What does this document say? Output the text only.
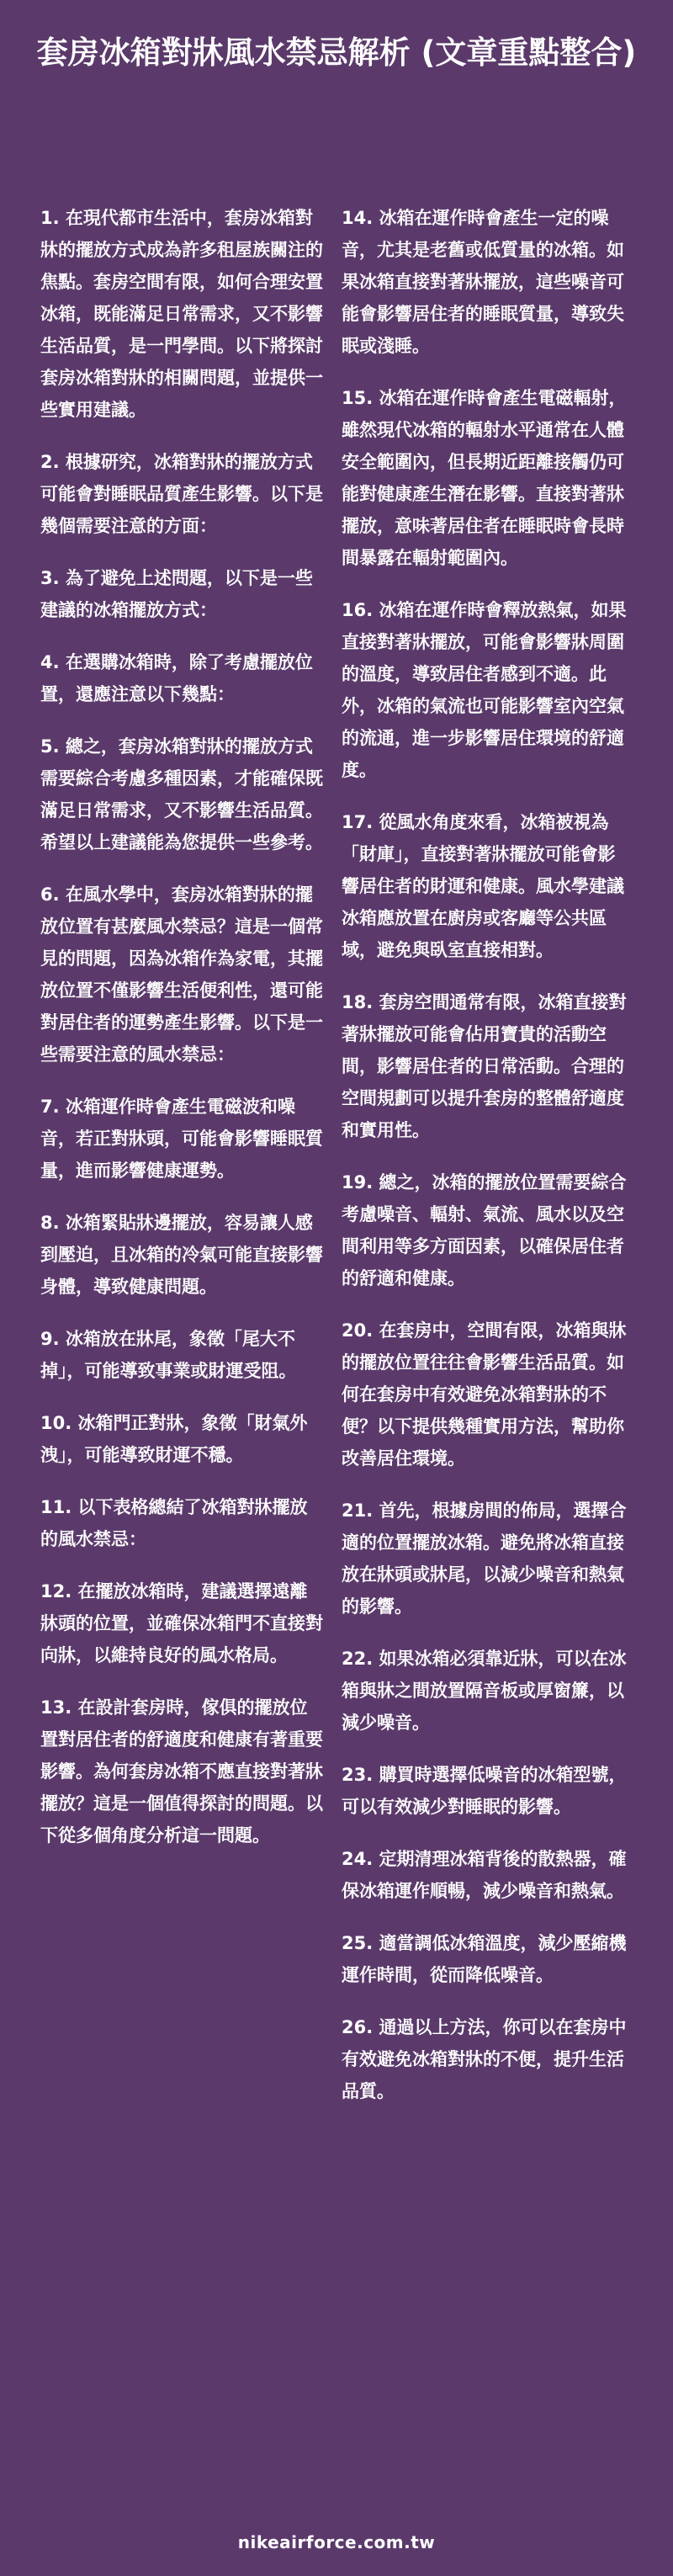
套房冰箱對牀風水禁忌解析 (文章重點整合)

1. 在現代都市生活中，套房冰箱對牀的擺放方式成為許多租屋族關注的焦點。套房空間有限，如何合理安置冰箱，既能滿足日常需求，又不影響生活品質，是一門學問。以下將探討套房冰箱對牀的相關問題，並提供一些實用建議。

2. 根據研究，冰箱對牀的擺放方式可能會對睡眠品質產生影響。以下是幾個需要注意的方面：

3. 為了避免上述問題，以下是一些建議的冰箱擺放方式：

4. 在選購冰箱時，除了考慮擺放位置，還應注意以下幾點：

5. 總之，套房冰箱對牀的擺放方式需要綜合考慮多種因素，才能確保既滿足日常需求，又不影響生活品質。希望以上建議能為您提供一些參考。

6. 在風水學中，套房冰箱對牀的擺放位置有甚麼風水禁忌？這是一個常見的問題，因為冰箱作為家電，其擺放位置不僅影響生活便利性，還可能對居住者的運勢產生影響。以下是一些需要注意的風水禁忌：

7. 冰箱運作時會產生電磁波和噪音，若正對牀頭，可能會影響睡眠質量，進而影響健康運勢。

8. 冰箱緊貼牀邊擺放，容易讓人感到壓迫，且冰箱的冷氣可能直接影響身體，導致健康問題。

9. 冰箱放在牀尾，象徵「尾大不掉」，可能導致事業或財運受阻。

10. 冰箱門正對牀，象徵「財氣外洩」，可能導致財運不穩。

11. 以下表格總結了冰箱對牀擺放的風水禁忌：

12. 在擺放冰箱時，建議選擇遠離牀頭的位置，並確保冰箱門不直接對向牀，以維持良好的風水格局。

13. 在設計套房時，傢俱的擺放位置對居住者的舒適度和健康有著重要影響。為何套房冰箱不應直接對著牀擺放？這是一個值得探討的問題。以下從多個角度分析這一問題。

14. 冰箱在運作時會產生一定的噪音，尤其是老舊或低質量的冰箱。如果冰箱直接對著牀擺放，這些噪音可能會影響居住者的睡眠質量，導致失眠或淺睡。

15. 冰箱在運作時會產生電磁輻射，雖然現代冰箱的輻射水平通常在人體安全範圍內，但長期近距離接觸仍可能對健康產生潛在影響。直接對著牀擺放，意味著居住者在睡眠時會長時間暴露在輻射範圍內。

16. 冰箱在運作時會釋放熱氣，如果直接對著牀擺放，可能會影響牀周圍的溫度，導致居住者感到不適。此外，冰箱的氣流也可能影響室內空氣的流通，進一步影響居住環境的舒適度。

17. 從風水角度來看，冰箱被視為「財庫」，直接對著牀擺放可能會影響居住者的財運和健康。風水學建議冰箱應放置在廚房或客廳等公共區域，避免與臥室直接相對。

18. 套房空間通常有限，冰箱直接對著牀擺放可能會佔用寶貴的活動空間，影響居住者的日常活動。合理的空間規劃可以提升套房的整體舒適度和實用性。

19. 總之，冰箱的擺放位置需要綜合考慮噪音、輻射、氣流、風水以及空間利用等多方面因素，以確保居住者的舒適和健康。

20. 在套房中，空間有限，冰箱與牀的擺放位置往往會影響生活品質。如何在套房中有效避免冰箱對牀的不便？以下提供幾種實用方法，幫助你改善居住環境。

21. 首先，根據房間的佈局，選擇合適的位置擺放冰箱。避免將冰箱直接放在牀頭或牀尾，以減少噪音和熱氣的影響。

22. 如果冰箱必須靠近牀，可以在冰箱與牀之間放置隔音板或厚窗簾，以減少噪音。

23. 購買時選擇低噪音的冰箱型號，可以有效減少對睡眠的影響。

24. 定期清理冰箱背後的散熱器，確保冰箱運作順暢，減少噪音和熱氣。

25. 適當調低冰箱溫度，減少壓縮機運作時間，從而降低噪音。

26. 通過以上方法，你可以在套房中有效避免冰箱對牀的不便，提升生活品質。

nikeairforce.com.tw
